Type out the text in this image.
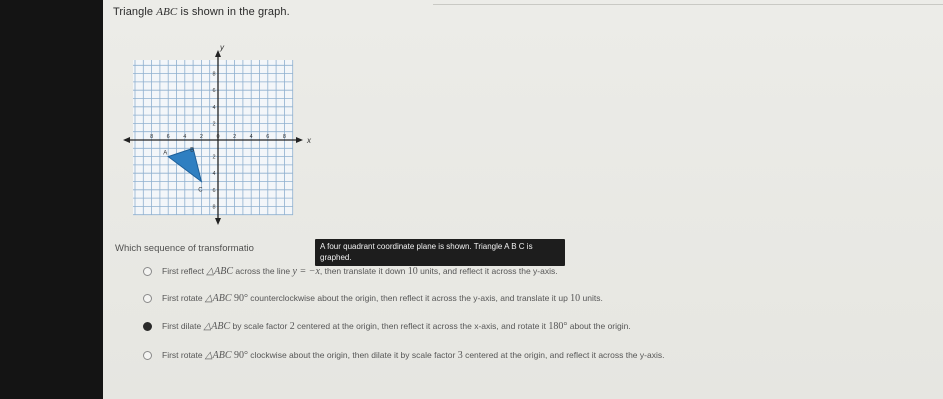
Triangle ABC is shown in the graph.
x
y
8 6 4 2 0 2 4 6 8
8
6
4
2
2
4
6
8
A
B
C
Which sequence of transformatio	A four quadrant coordinate plane is shown. Triangle A B C is graphed.
First reflect △ABC across the line y = −x, then translate it down 10 units, and reflect it across the y-axis.
First rotate △ABC 90° counterclockwise about the origin, then reflect it across the y-axis, and translate it up 10 units.
First dilate △ABC by scale factor 2 centered at the origin, then reflect it across the x-axis, and rotate it 180° about the origin.
First rotate △ABC 90° clockwise about the origin, then dilate it by scale factor 3 centered at the origin, and reflect it across the y-axis.
